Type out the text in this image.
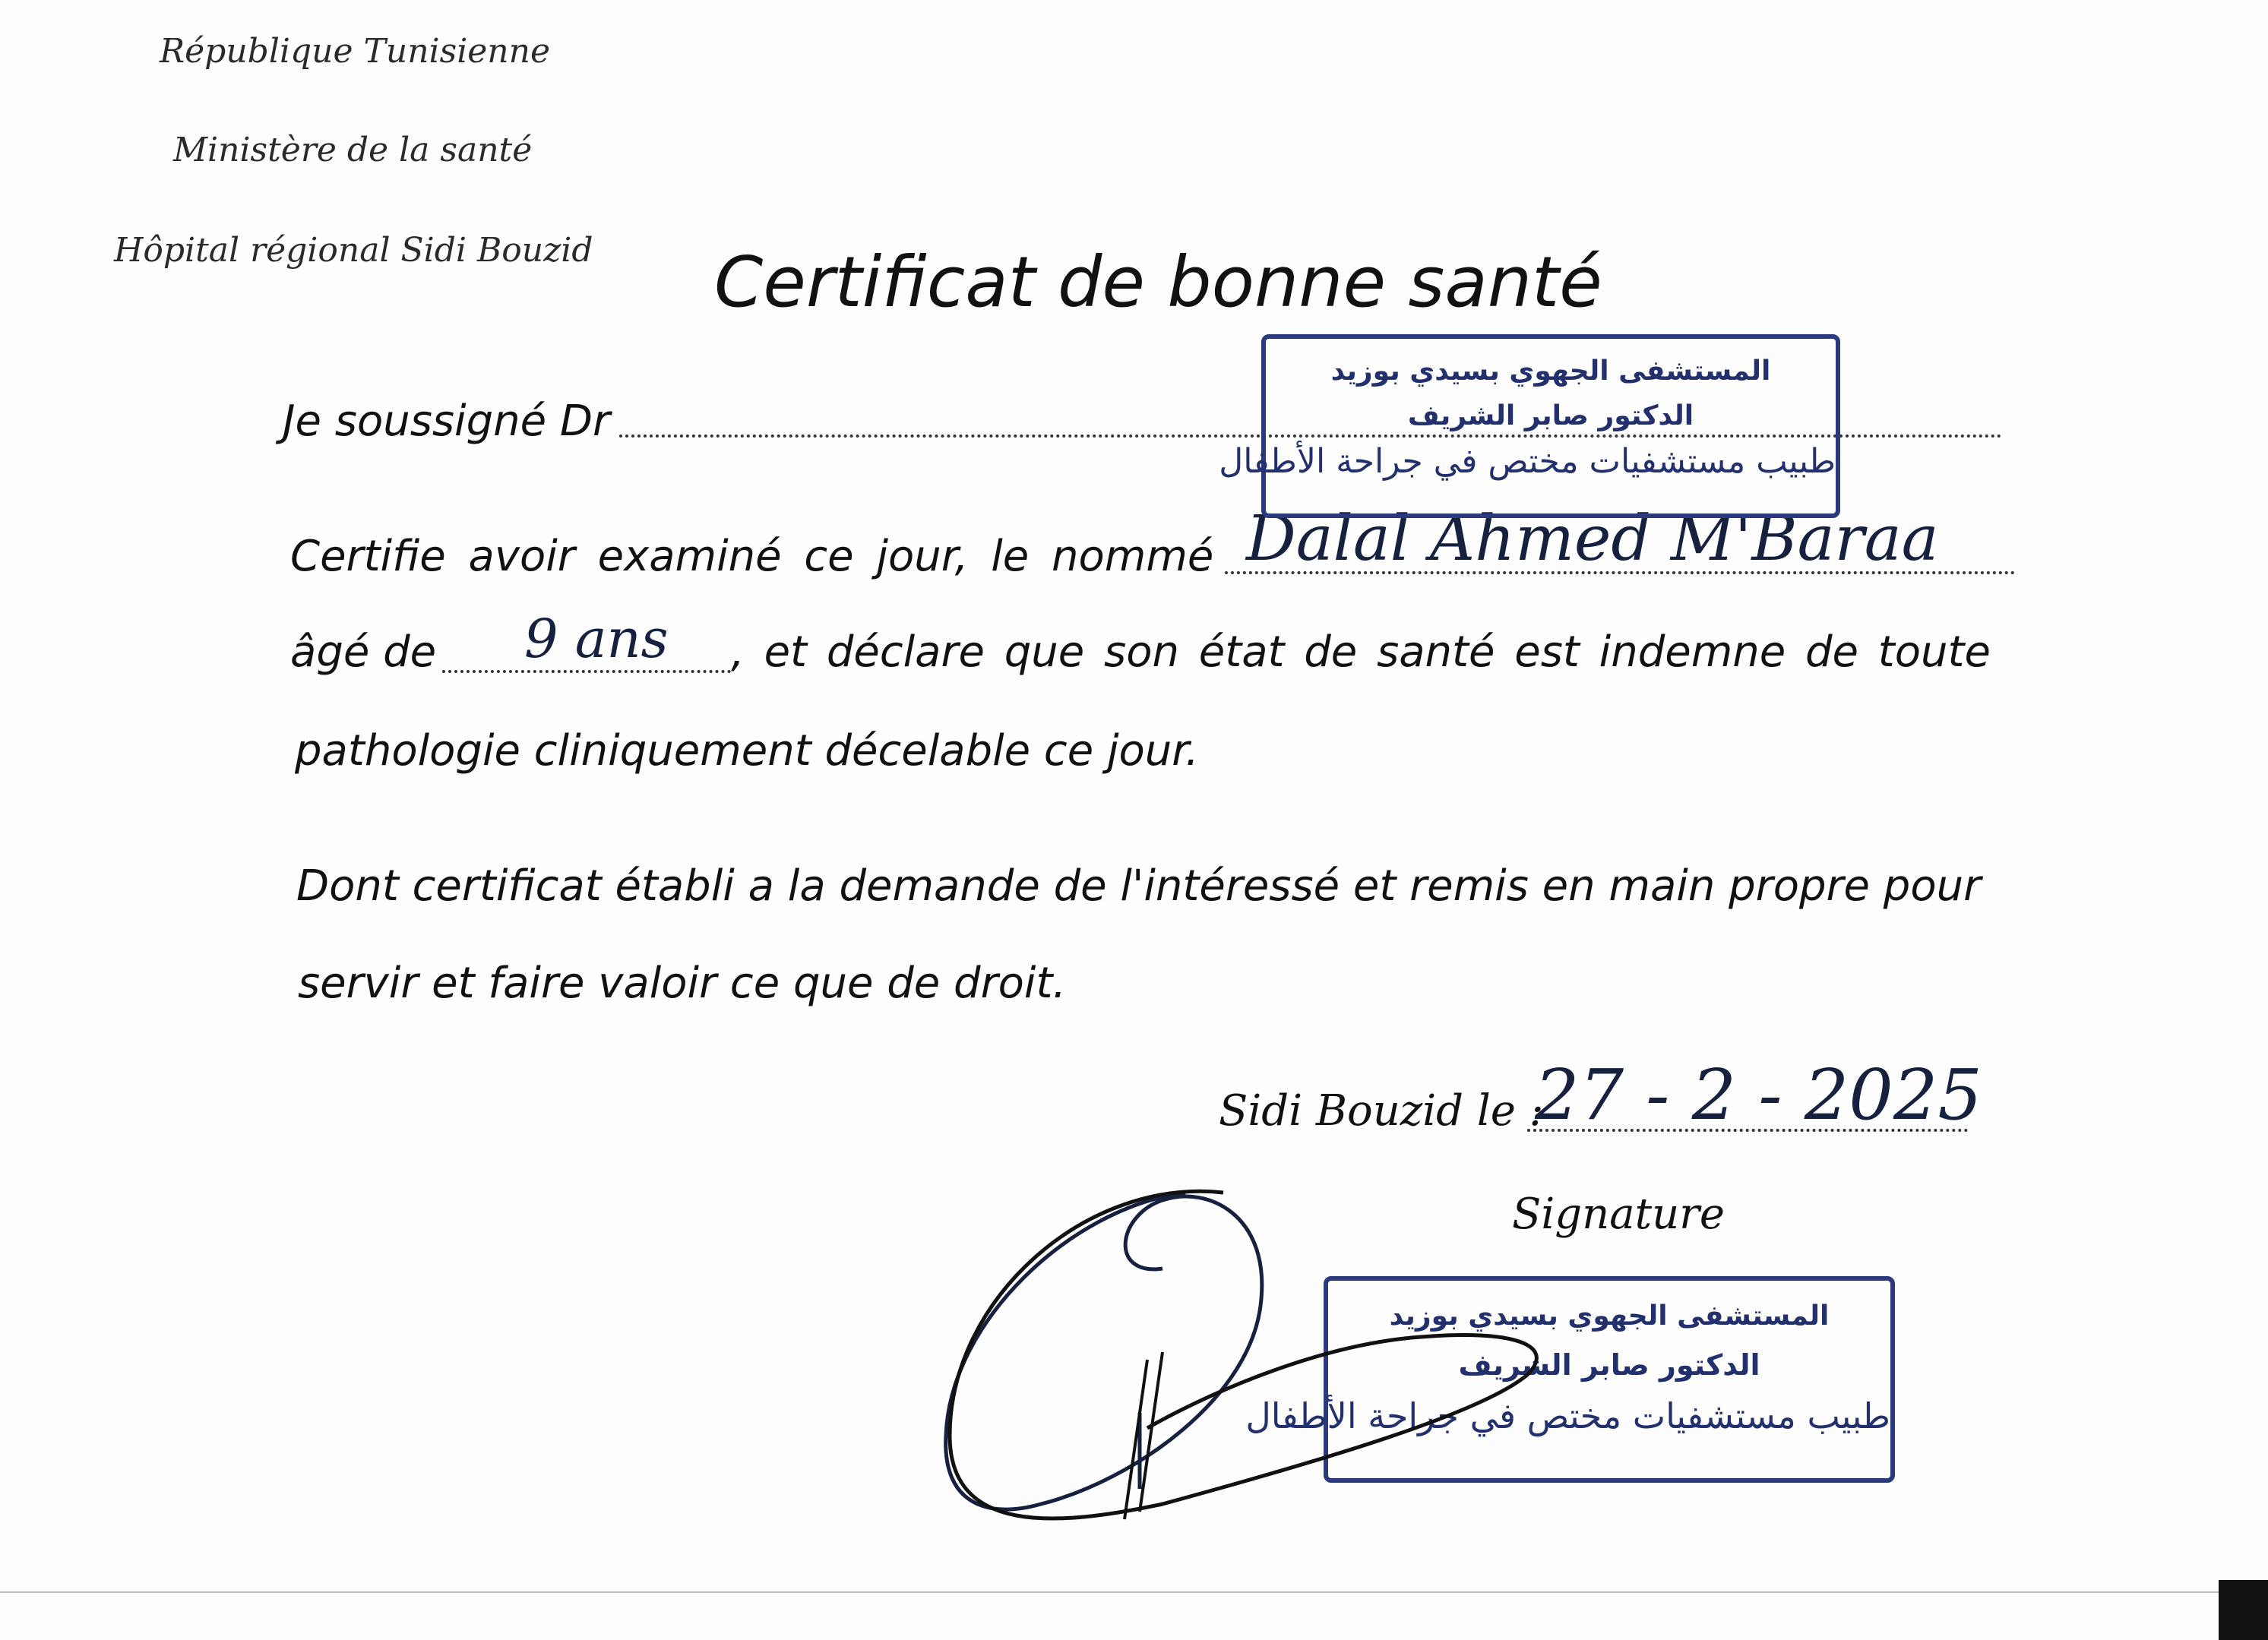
République Tunisienne
Ministère de la santé
Hôpital régional Sidi Bouzid Certificat de bonne santé
Je soussigné Dr
Certifie avoir examiné ce jour, le nommé Dalal Ahmed M'Baraa
âgé de 9 ans , et déclare que son état de santé est indemne de toute
pathologie cliniquement décelable ce jour.
Dont certificat établi a la demande de l'intéressé et remis en main propre pour
servir et faire valoir ce que de droit.
Sidi Bouzid le :
27 - 2 - 2025
Signature
المستشفى الجهوي بسيدي بوزيد
الدكتور صابر الشريف
طبيب مستشفيات مختص في جراحة الأطفال
المستشفى الجهوي بسيدي بوزيد
الدكتور صابر الشريف
طبيب مستشفيات مختص في جراحة الأطفال
